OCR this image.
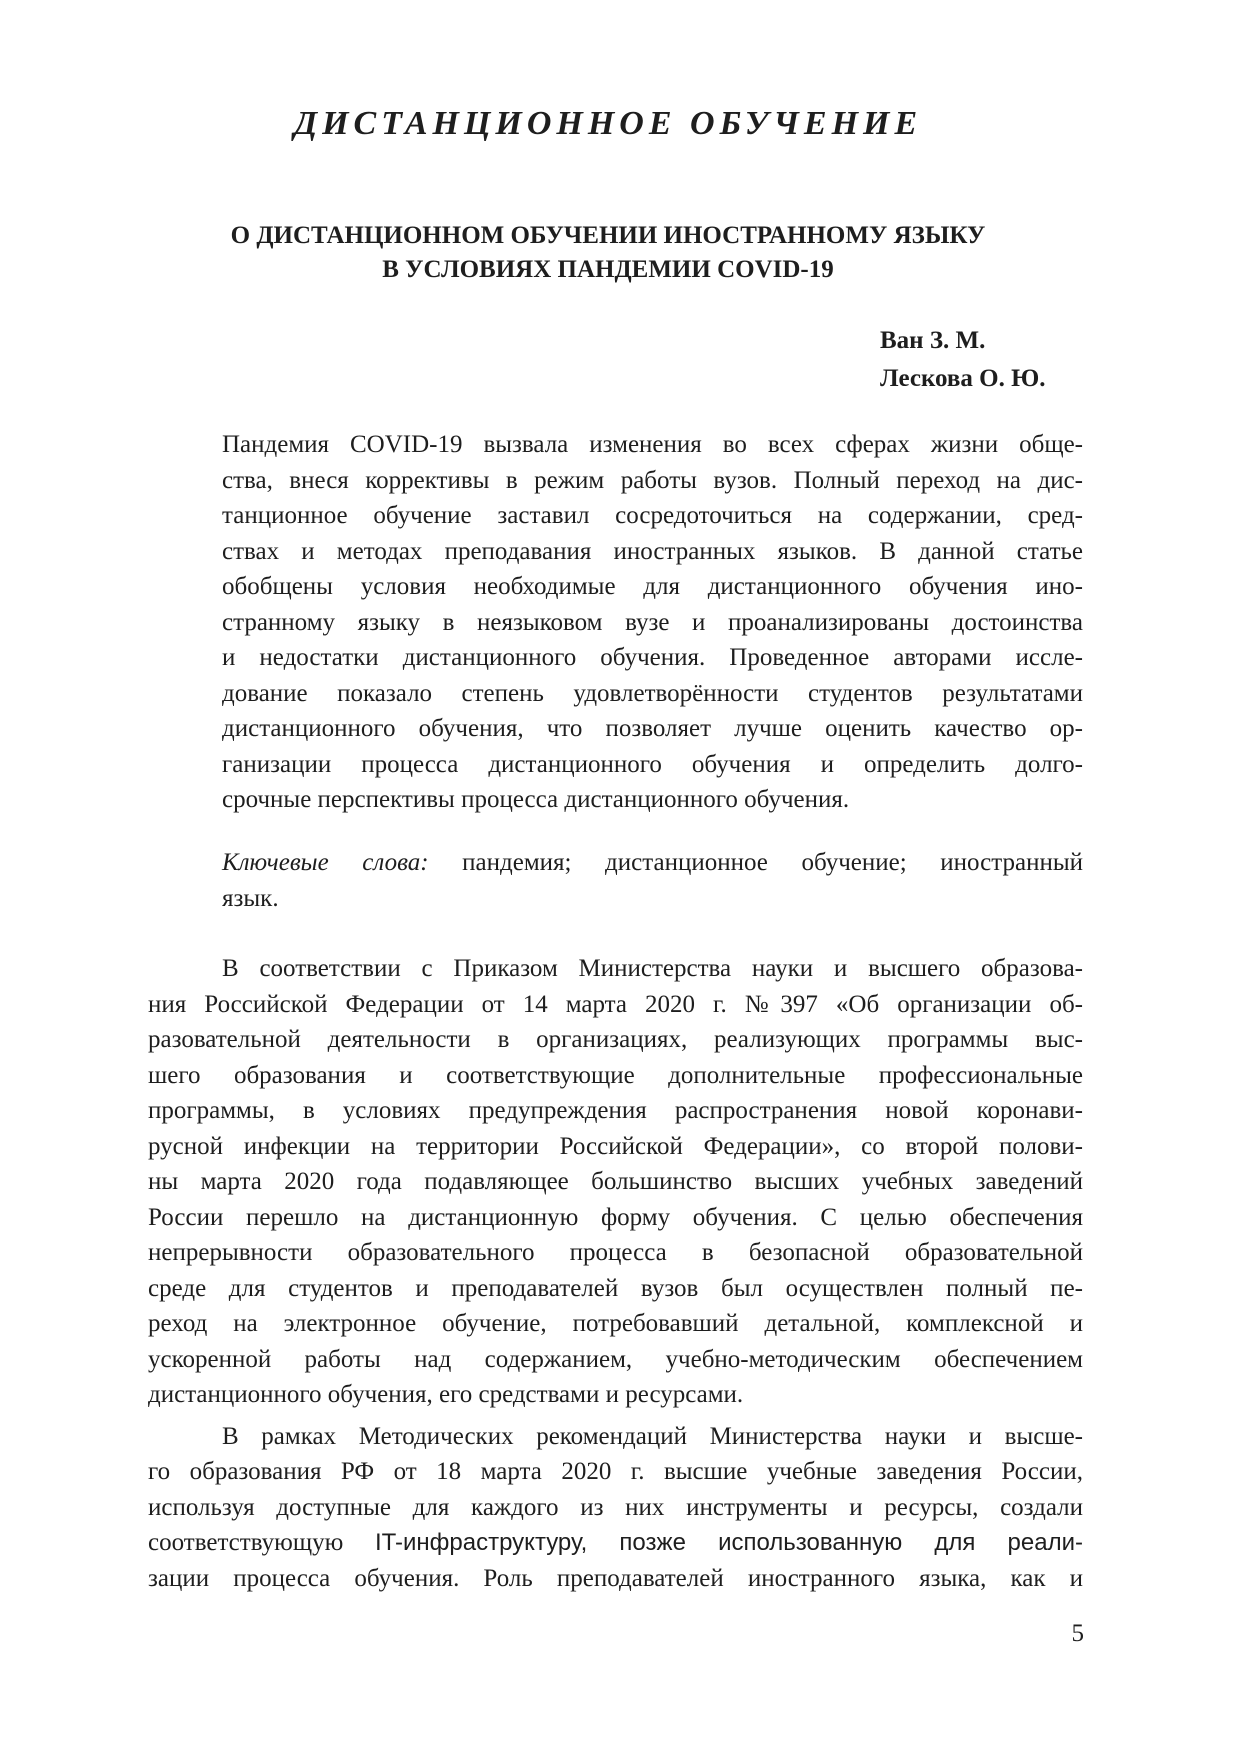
ДИСТАНЦИОННОЕ ОБУЧЕНИЕ
О ДИСТАНЦИОННОМ ОБУЧЕНИИ ИНОСТРАННОМУ ЯЗЫКУ
В УСЛОВИЯХ ПАНДЕМИИ COVID-19
Ван З. М.
Лескова О. Ю.
Пандемия COVID-19 вызвала изменения во всех сферах жизни обще-
ства, внеся коррективы в режим работы вузов. Полный переход на дис-
танционное обучение заставил сосредоточиться на содержании, сред-
ствах и методах преподавания иностранных языков. В данной статье
обобщены условия необходимые для дистанционного обучения ино-
странному языку в неязыковом вузе и проанализированы достоинства
и недостатки дистанционного обучения. Проведенное авторами иссле-
дование показало степень удовлетворённости студентов результатами
дистанционного обучения, что позволяет лучше оценить качество ор-
ганизации процесса дистанционного обучения и определить долго-
срочные перспективы процесса дистанционного обучения.
Ключевые слова: пандемия; дистанционное обучение; иностранный
язык.
В соответствии с Приказом Министерства науки и высшего образова-
ния Российской Федерации от 14 марта 2020 г. №397 «Об организации об-
разовательной деятельности в организациях, реализующих программы выс-
шего образования и соответствующие дополнительные профессиональные
программы, в условиях предупреждения распространения новой коронави-
русной инфекции на территории Российской Федерации», со второй полови-
ны марта 2020 года подавляющее большинство высших учебных заведений
России перешло на дистанционную форму обучения. С целью обеспечения
непрерывности образовательного процесса в безопасной образовательной
среде для студентов и преподавателей вузов был осуществлен полный пе-
реход на электронное обучение, потребовавший детальной, комплексной и
ускоренной работы над содержанием, учебно-методическим обеспечением
дистанционного обучения, его средствами и ресурсами.
В рамках Методических рекомендаций Министерства науки и высше-
го образования РФ от 18 марта 2020 г. высшие учебные заведения России,
используя доступные для каждого из них инструменты и ресурсы, создали
соответствующую IT-инфраструктуру, позже использованную для реали-
зации процесса обучения. Роль преподавателей иностранного языка, как и
5
